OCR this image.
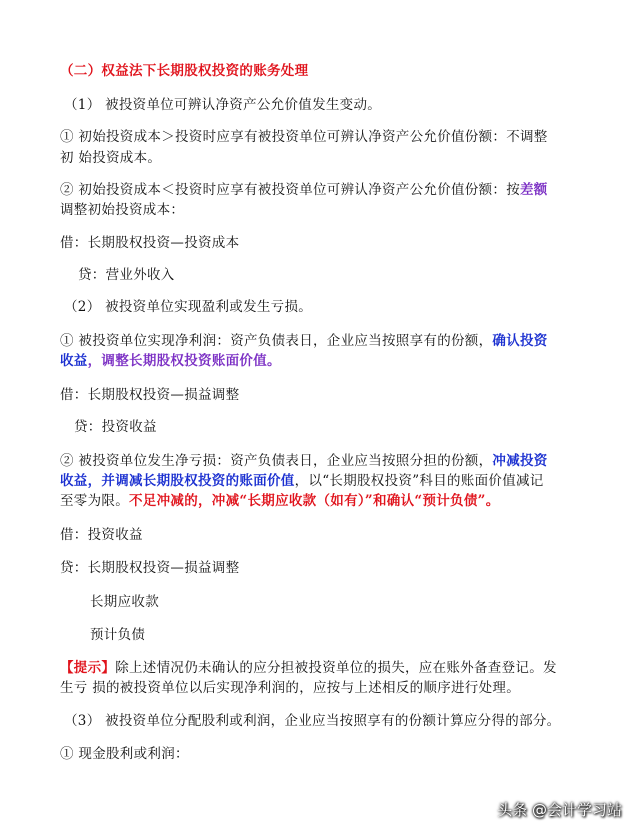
（二）权益法下长期股权投资的账务处理
（1） 被投资单位可辨认净资产公允价值发生变动。
① 初始投资成本＞投资时应享有被投资单位可辨认净资产公允价值份额：不调整
初 始投资成本。
② 初始投资成本＜投资时应享有被投资单位可辨认净资产公允价值份额：按差额
调整初始投资成本：
借：长期股权投资—投资成本
贷：营业外收入
（2） 被投资单位实现盈利或发生亏损。
① 被投资单位实现净利润：资产负债表日，企业应当按照享有的份额，确认投资
收益，调整长期股权投资账面价值。
借：长期股权投资—损益调整
贷：投资收益
② 被投资单位发生净亏损：资产负债表日，企业应当按照分担的份额，冲减投资
收益，并调减长期股权投资的账面价值，以“长期股权投资”科目的账面价值减记
至零为限。不足冲减的，冲减“长期应收款（如有）”和确认“预计负债”。
借：投资收益
贷：长期股权投资—损益调整
长期应收款
预计负债
【提示】除上述情况仍未确认的应分担被投资单位的损失，应在账外备查登记。发
生亏 损的被投资单位以后实现净利润的，应按与上述相反的顺序进行处理。
（3） 被投资单位分配股利或利润，企业应当按照享有的份额计算应分得的部分。
① 现金股利或利润：
头条 @会计学习站
